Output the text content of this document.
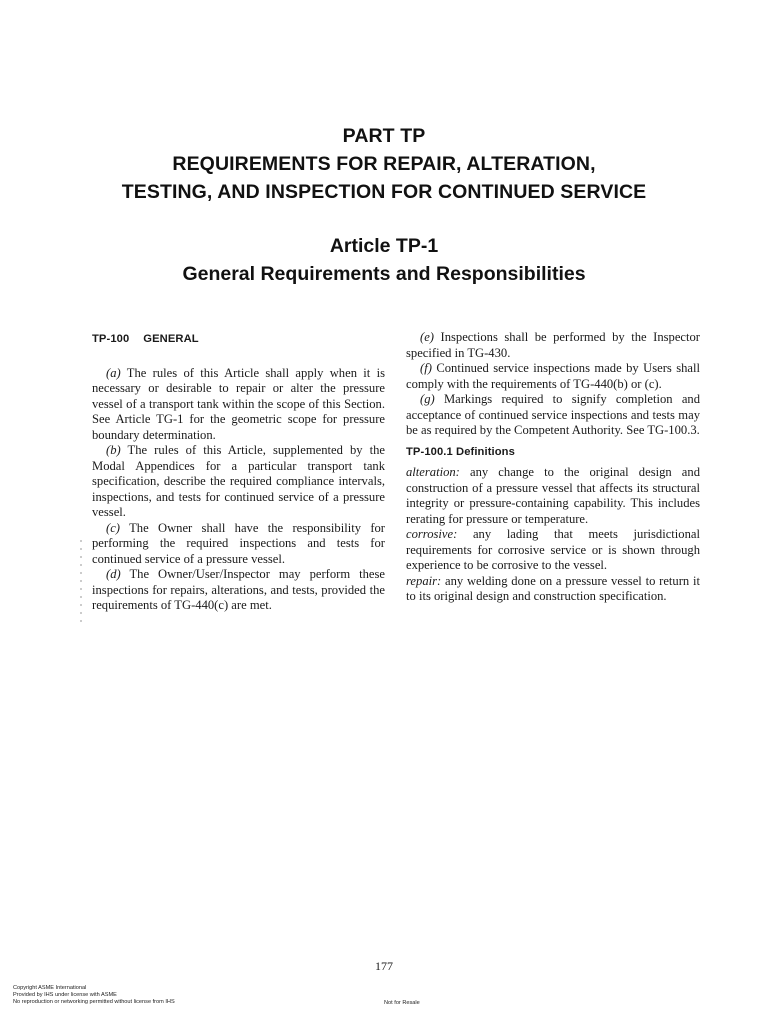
PART TP
REQUIREMENTS FOR REPAIR, ALTERATION,
TESTING, AND INSPECTION FOR CONTINUED SERVICE
Article TP-1
General Requirements and Responsibilities
TP-100 GENERAL

(a) The rules of this Article shall apply when it is necessary or desirable to repair or alter the pressure vessel of a transport tank within the scope of this Section. See Article TG-1 for the geometric scope for pressure boundary determination.

(b) The rules of this Article, supplemented by the Modal Appendices for a particular transport tank specification, describe the required compliance intervals, inspections, and tests for continued service of a pressure vessel.

(c) The Owner shall have the responsibility for performing the required inspections and tests for continued service of a pressure vessel.

(d) The Owner/User/Inspector may perform these inspections for repairs, alterations, and tests, provided the requirements of TG-440(c) are met.

(e) Inspections shall be performed by the Inspector specified in TG-430.

(f) Continued service inspections made by Users shall comply with the requirements of TG-440(b) or (c).

(g) Markings required to signify completion and acceptance of continued service inspections and tests may be as required by the Competent Authority. See TG-100.3.

TP-100.1 Definitions

alteration: any change to the original design and construction of a pressure vessel that affects its structural integrity or pressure-containing capability. This includes rerating for pressure or temperature.

corrosive: any lading that meets jurisdictional requirements for corrosive service or is shown through experience to be corrosive to the vessel.

repair: any welding done on a pressure vessel to return it to its original design and construction specification.

177
Copyright ASME International
Provided by IHS under license with ASME
No reproduction or networking permitted without license from IHS	Not for Resale
